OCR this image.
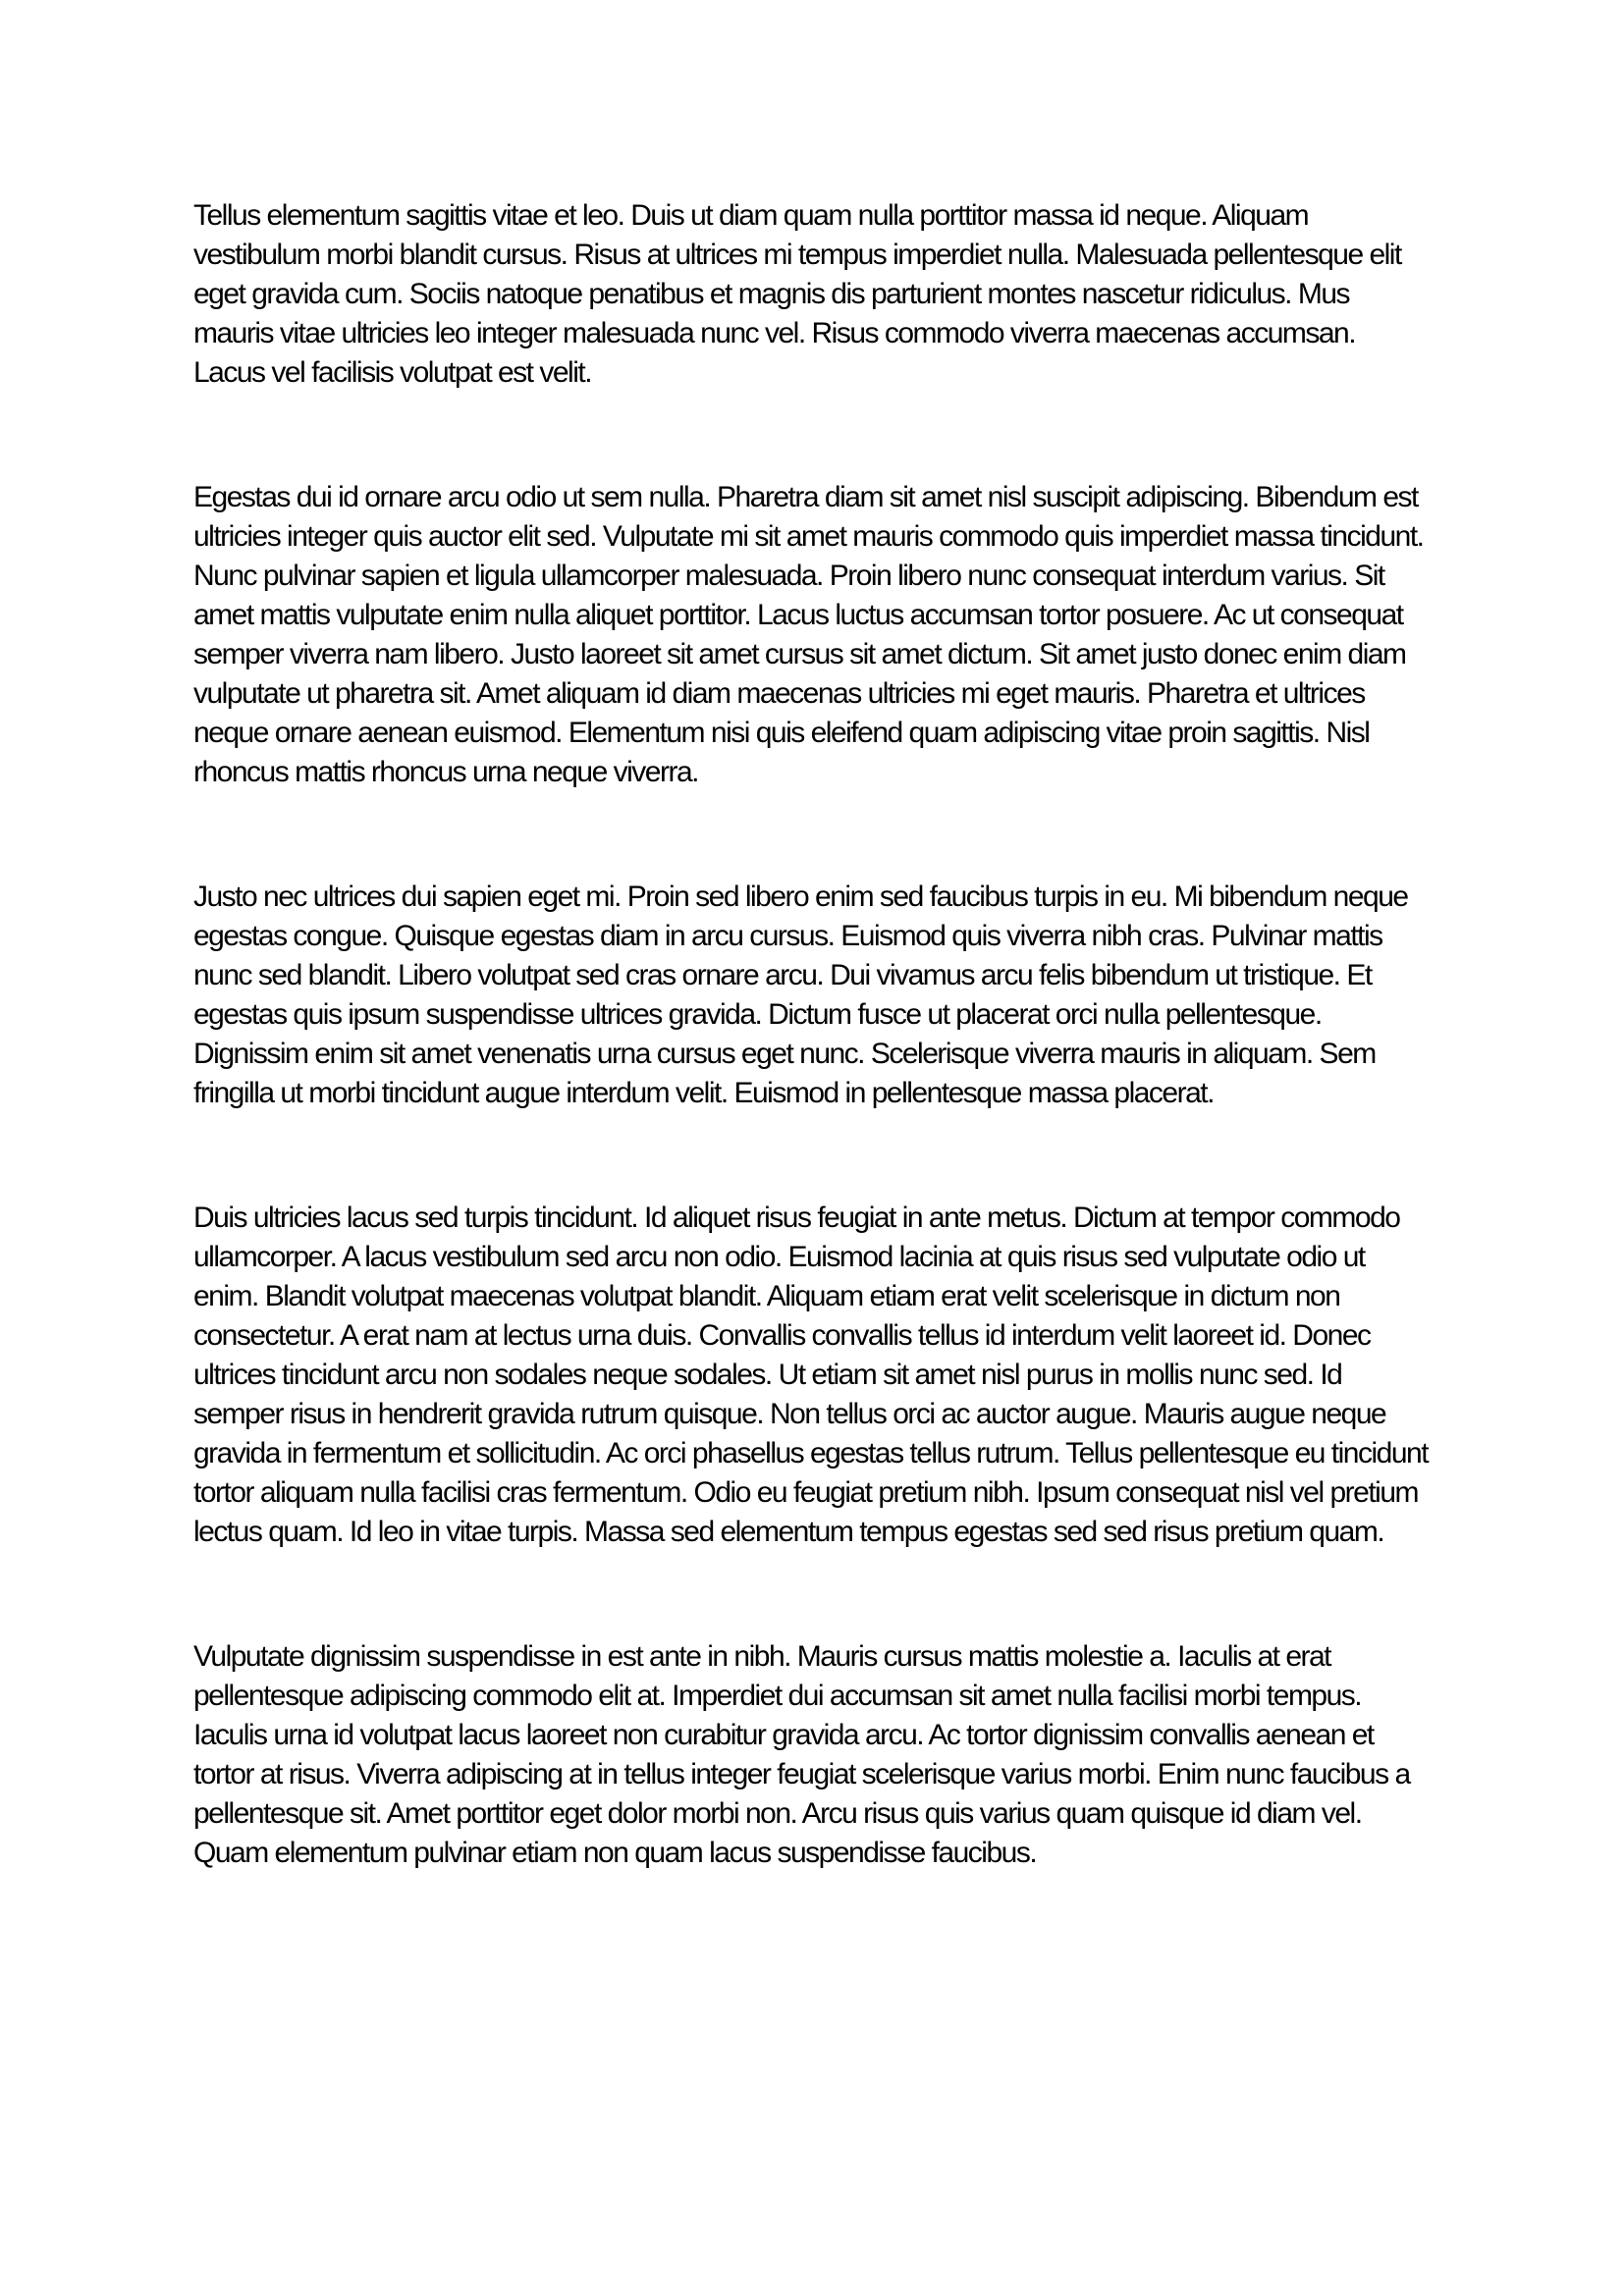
Tellus elementum sagittis vitae et leo. Duis ut diam quam nulla porttitor massa id neque. Aliquam vestibulum morbi blandit cursus. Risus at ultrices mi tempus imperdiet nulla. Malesuada pellentesque elit eget gravida cum. Sociis natoque penatibus et magnis dis parturient montes nascetur ridiculus. Mus mauris vitae ultricies leo integer malesuada nunc vel. Risus commodo viverra maecenas accumsan. Lacus vel facilisis volutpat est velit.

Egestas dui id ornare arcu odio ut sem nulla. Pharetra diam sit amet nisl suscipit adipiscing. Bibendum est ultricies integer quis auctor elit sed. Vulputate mi sit amet mauris commodo quis imperdiet massa tincidunt. Nunc pulvinar sapien et ligula ullamcorper malesuada. Proin libero nunc consequat interdum varius. Sit amet mattis vulputate enim nulla aliquet porttitor. Lacus luctus accumsan tortor posuere. Ac ut consequat semper viverra nam libero. Justo laoreet sit amet cursus sit amet dictum. Sit amet justo donec enim diam vulputate ut pharetra sit. Amet aliquam id diam maecenas ultricies mi eget mauris. Pharetra et ultrices neque ornare aenean euismod. Elementum nisi quis eleifend quam adipiscing vitae proin sagittis. Nisl rhoncus mattis rhoncus urna neque viverra.

Justo nec ultrices dui sapien eget mi. Proin sed libero enim sed faucibus turpis in eu. Mi bibendum neque egestas congue. Quisque egestas diam in arcu cursus. Euismod quis viverra nibh cras. Pulvinar mattis nunc sed blandit. Libero volutpat sed cras ornare arcu. Dui vivamus arcu felis bibendum ut tristique. Et egestas quis ipsum suspendisse ultrices gravida. Dictum fusce ut placerat orci nulla pellentesque. Dignissim enim sit amet venenatis urna cursus eget nunc. Scelerisque viverra mauris in aliquam. Sem fringilla ut morbi tincidunt augue interdum velit. Euismod in pellentesque massa placerat.

Duis ultricies lacus sed turpis tincidunt. Id aliquet risus feugiat in ante metus. Dictum at tempor commodo ullamcorper. A lacus vestibulum sed arcu non odio. Euismod lacinia at quis risus sed vulputate odio ut enim. Blandit volutpat maecenas volutpat blandit. Aliquam etiam erat velit scelerisque in dictum non consectetur. A erat nam at lectus urna duis. Convallis convallis tellus id interdum velit laoreet id. Donec ultrices tincidunt arcu non sodales neque sodales. Ut etiam sit amet nisl purus in mollis nunc sed. Id semper risus in hendrerit gravida rutrum quisque. Non tellus orci ac auctor augue. Mauris augue neque gravida in fermentum et sollicitudin. Ac orci phasellus egestas tellus rutrum. Tellus pellentesque eu tincidunt tortor aliquam nulla facilisi cras fermentum. Odio eu feugiat pretium nibh. Ipsum consequat nisl vel pretium lectus quam. Id leo in vitae turpis. Massa sed elementum tempus egestas sed sed risus pretium quam.

Vulputate dignissim suspendisse in est ante in nibh. Mauris cursus mattis molestie a. Iaculis at erat pellentesque adipiscing commodo elit at. Imperdiet dui accumsan sit amet nulla facilisi morbi tempus. Iaculis urna id volutpat lacus laoreet non curabitur gravida arcu. Ac tortor dignissim convallis aenean et tortor at risus. Viverra adipiscing at in tellus integer feugiat scelerisque varius morbi. Enim nunc faucibus a pellentesque sit. Amet porttitor eget dolor morbi non. Arcu risus quis varius quam quisque id diam vel. Quam elementum pulvinar etiam non quam lacus suspendisse faucibus.
